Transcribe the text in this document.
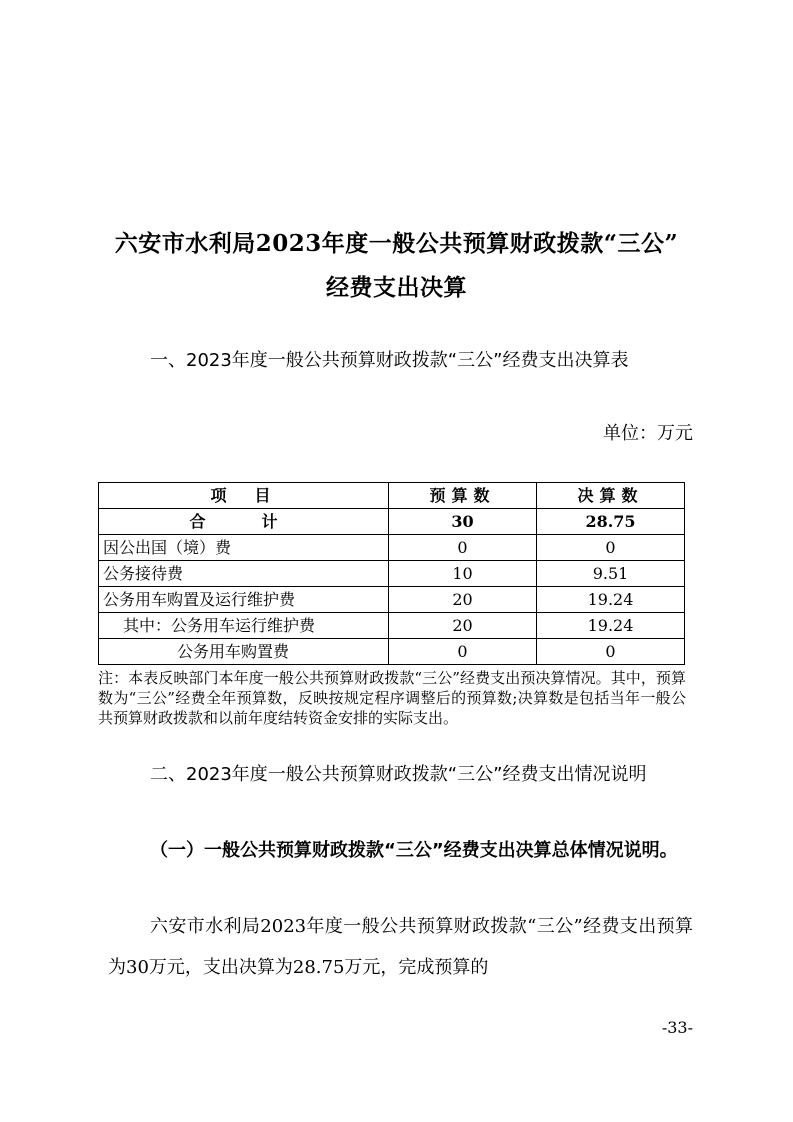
六安市水利局2023年度一般公共预算财政拨款“三公”
经费支出决算
一、2023年度一般公共预算财政拨款“三公”经费支出决算表
单位：万元
项　目	预算数	决算数
合　计	30	28.75
因公出国（境）费	0	0
公务接待费	10	9.51
公务用车购置及运行维护费	20	19.24
其中：公务用车运行维护费	20	19.24
公务用车购置费	0	0
注：本表反映部门本年度一般公共预算财政拨款“三公”经费支出预决算情况。其中，预算数为“三公”经费全年预算数，反映按规定程序调整后的预算数;决算数是包括当年一般公共预算财政拨款和以前年度结转资金安排的实际支出。
二、2023年度一般公共预算财政拨款“三公”经费支出情况说明
（一）一般公共预算财政拨款“三公”经费支出决算总体情况说明。
六安市水利局2023年度一般公共预算财政拨款“三公”经费支出预算为30万元，支出决算为28.75万元，完成预算的
-33-
